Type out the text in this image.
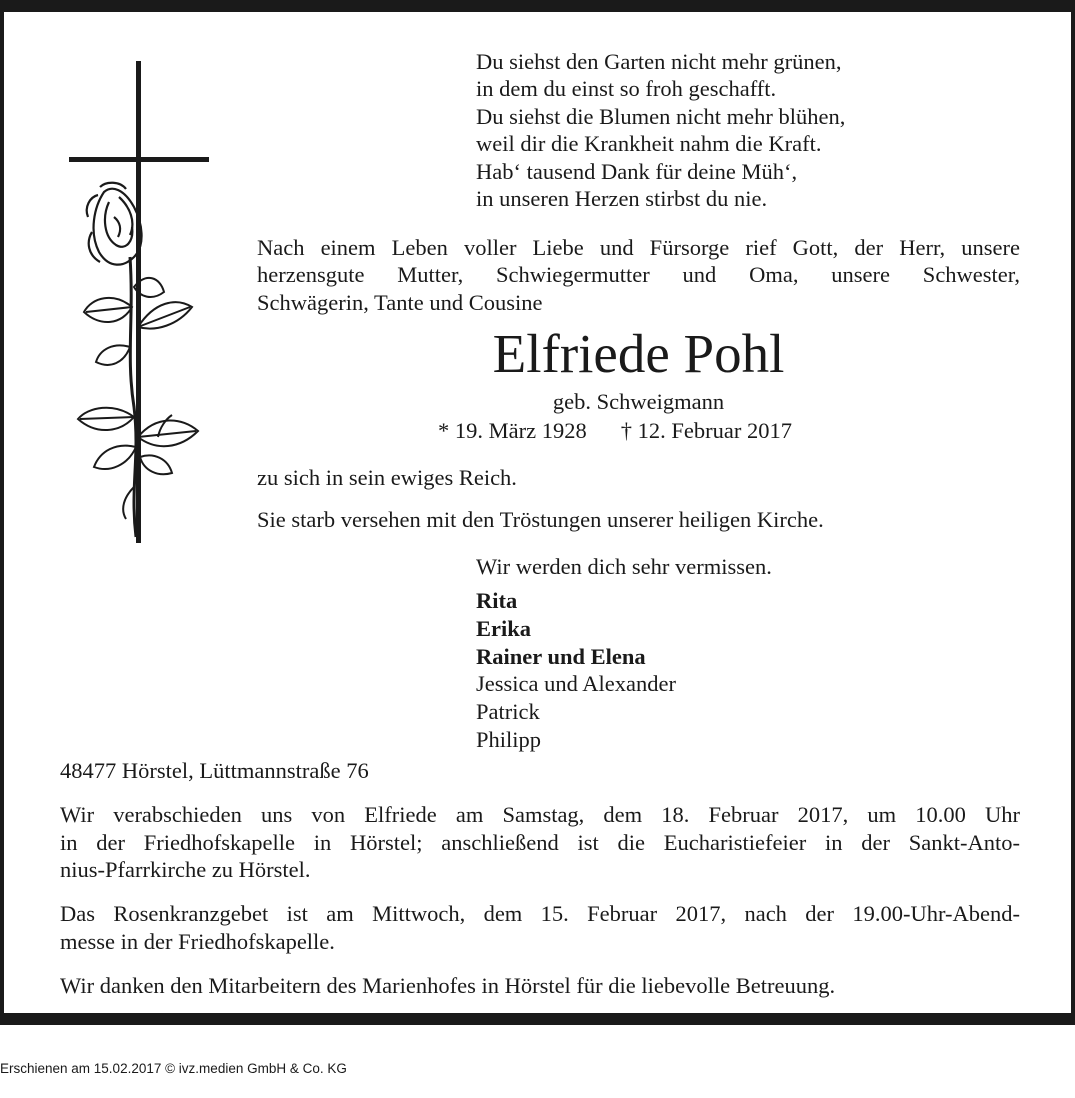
Du siehst den Garten nicht mehr grünen,
in dem du einst so froh geschafft.
Du siehst die Blumen nicht mehr blühen,
weil dir die Krankheit nahm die Kraft.
Hab‘ tausend Dank für deine Müh‘,
in unseren Herzen stirbst du nie.
Nach einem Leben voller Liebe und Fürsorge rief Gott, der Herr, unsere
herzensgute Mutter, Schwiegermutter und Oma, unsere Schwester,
Schwägerin, Tante und Cousine
Elfriede Pohl
geb. Schweigmann
* 19. März 1928 † 12. Februar 2017
zu sich in sein ewiges Reich.
Sie starb versehen mit den Tröstungen unserer heiligen Kirche.
Wir werden dich sehr vermissen.
Rita
Erika
Rainer und Elena
Jessica und Alexander
Patrick
Philipp
48477 Hörstel, Lüttmannstraße 76
Wir verabschieden uns von Elfriede am Samstag, dem 18. Februar 2017, um 10.00 Uhr
in der Friedhofskapelle in Hörstel; anschließend ist die Eucharistiefeier in der Sankt-Anto-
nius-Pfarrkirche zu Hörstel.
Das Rosenkranzgebet ist am Mittwoch, dem 15. Februar 2017, nach der 19.00-Uhr-Abend-
messe in der Friedhofskapelle.
Wir danken den Mitarbeitern des Marienhofes in Hörstel für die liebevolle Betreuung.
Erschienen am 15.02.2017 © ivz.medien GmbH & Co. KG
